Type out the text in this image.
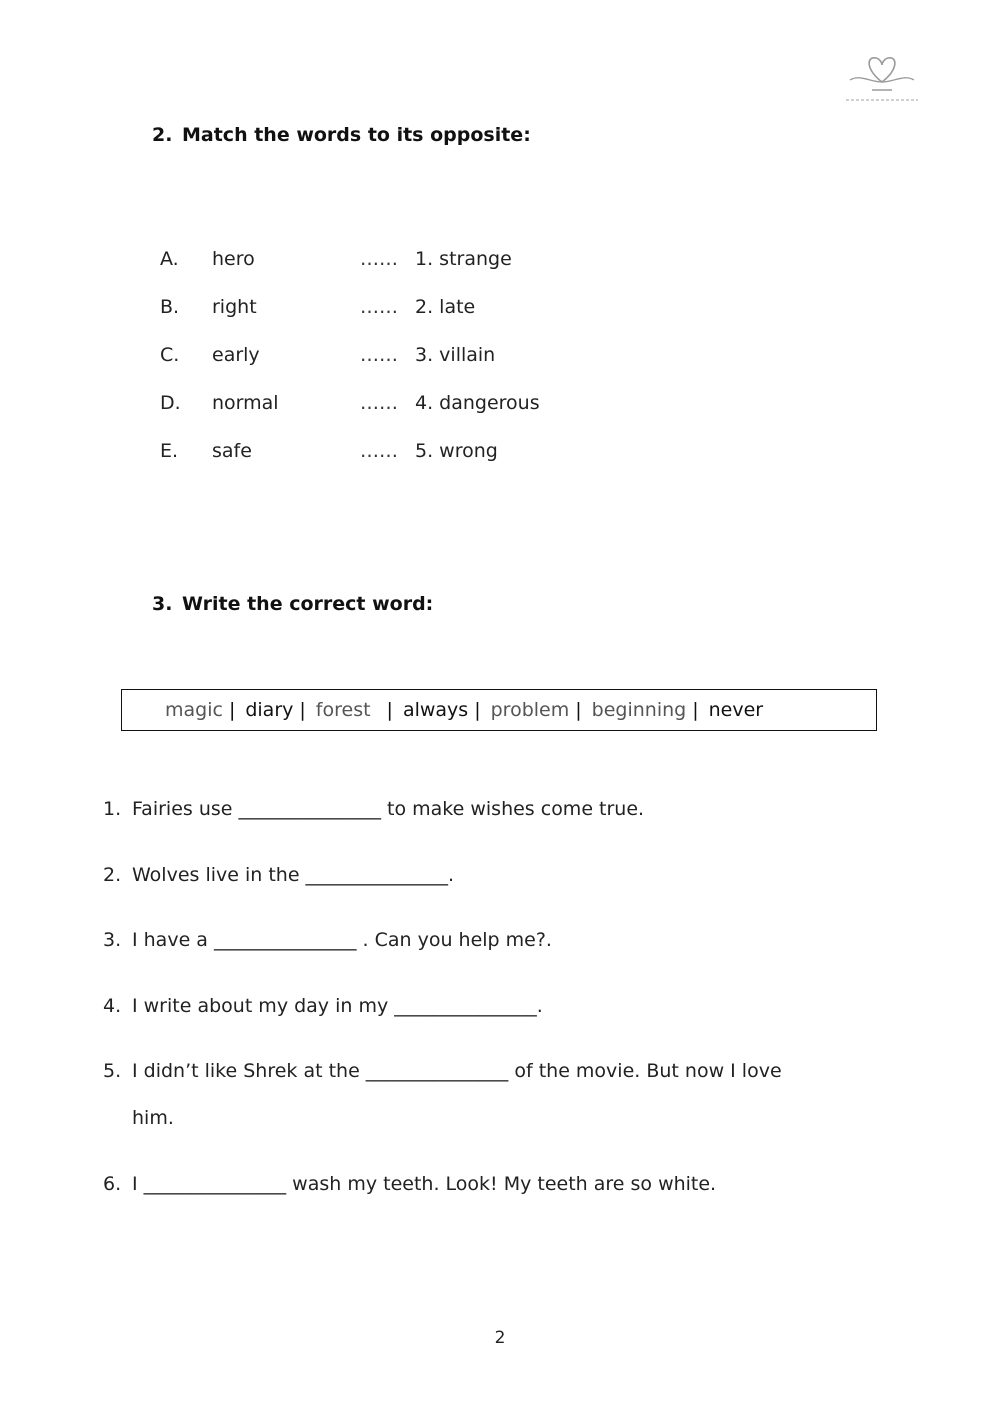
2. Match the words to its opposite:
A. hero	…… 1. strange
B. right	…… 2. late
C. early	…… 3. villain
D. normal	…… 4. dangerous
E. safe	…… 5. wrong
3. Write the correct word:
magic | diary | forest | always | problem | beginning | never
1. Fairies use _______________ to make wishes come true.
2. Wolves live in the _______________.
3. I have a _______________ . Can you help me?.
4. I write about my day in my _______________.
5. I didn’t like Shrek at the _______________ of the movie. But now I love
him.
6. I _______________ wash my teeth. Look! My teeth are so white.
2
